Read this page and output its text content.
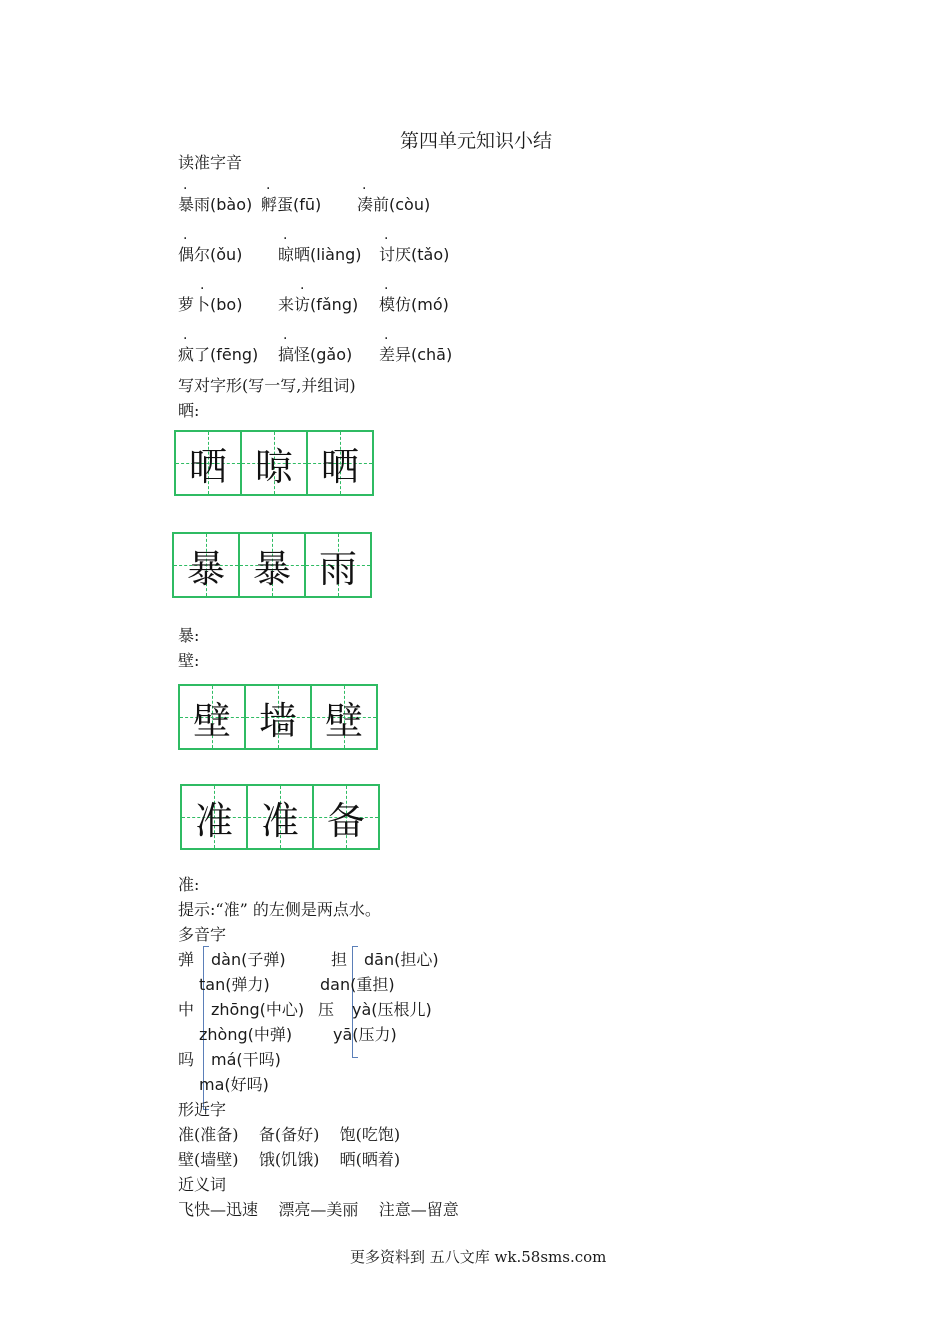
第四单元知识小结
读准字音
.
暴雨(bào)
.
孵蛋(fū)
.
凑前(còu)
.
偶尔(ǒu)
.
晾晒(liàng)
.
讨厌(tǎo)
.
萝卜(bo)
.
来访(fǎng)
.
模仿(mó)
.
疯了(fēng)
.
搞怪(gǎo)
.
差异(chā)
写对字形(写一写,并组词)
晒:
晒 晾 晒
暴 暴 雨
暴:
壁:
壁 墙 壁
准 准 备
准:
提示:“准” 的左侧是两点水。
多音字
弹 dàn(子弹)
tan(弹力)
中 zhōng(中心)
zhòng(中弹)
吗 má(干吗)
ma(好吗)
担 dān(担心)
dan(重担)
压 yà(压根儿)
yā(压力)
形近字
准(准备)    备(备好)    饱(吃饱)
壁(墙壁)    饿(饥饿)    晒(晒着)
近义词
飞快—迅速    漂亮—美丽    注意—留意
更多资料到 五八文库 wk.58sms.com
